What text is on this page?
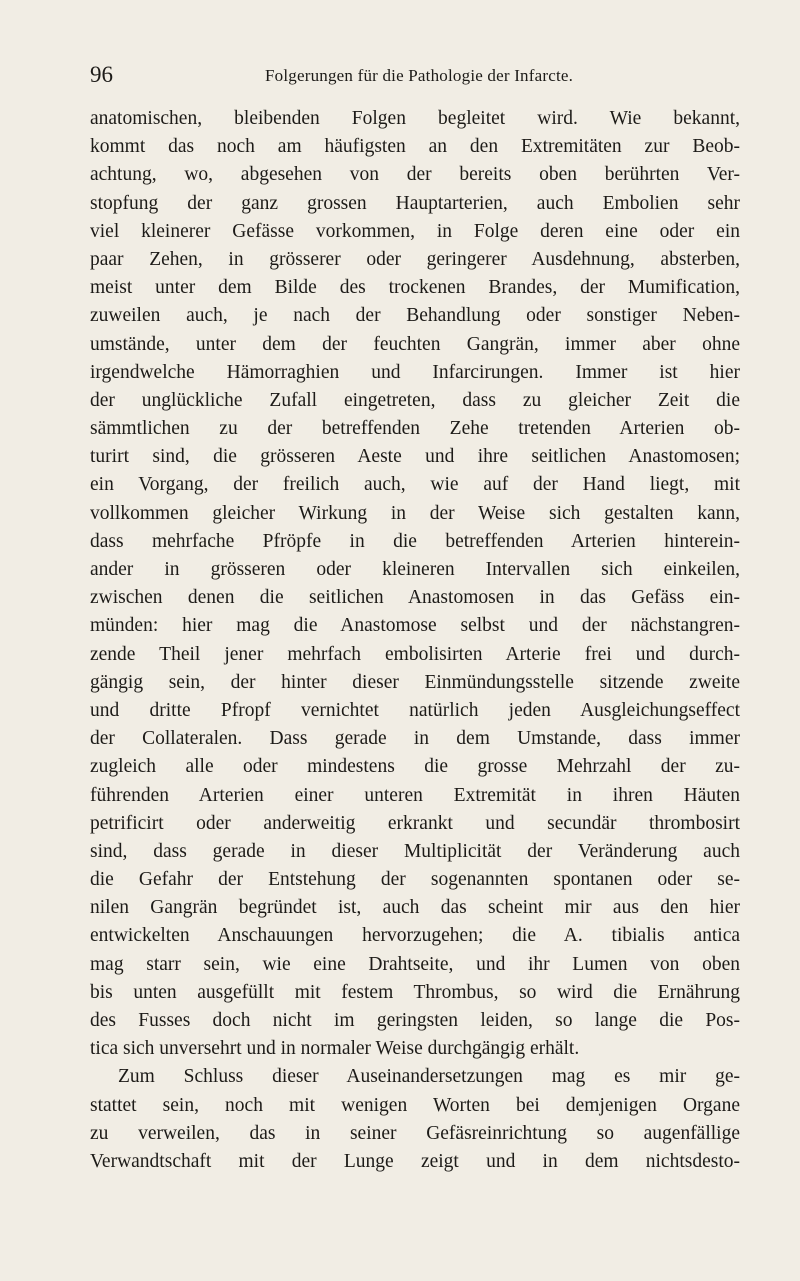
96	Folgerungen für die Pathologie der Infarcte.
anatomischen, bleibenden Folgen begleitet wird. Wie bekannt,
kommt das noch am häufigsten an den Extremitäten zur Beob-
achtung, wo, abgesehen von der bereits oben berührten Ver-
stopfung der ganz grossen Hauptarterien, auch Embolien sehr
viel kleinerer Gefässe vorkommen, in Folge deren eine oder ein
paar Zehen, in grösserer oder geringerer Ausdehnung, absterben,
meist unter dem Bilde des trockenen Brandes, der Mumification,
zuweilen auch, je nach der Behandlung oder sonstiger Neben-
umstände, unter dem der feuchten Gangrän, immer aber ohne
irgendwelche Hämorraghien und Infarcirungen. Immer ist hier
der unglückliche Zufall eingetreten, dass zu gleicher Zeit die
sämmtlichen zu der betreffenden Zehe tretenden Arterien ob-
turirt sind, die grösseren Aeste und ihre seitlichen Anastomosen;
ein Vorgang, der freilich auch, wie auf der Hand liegt, mit
vollkommen gleicher Wirkung in der Weise sich gestalten kann,
dass mehrfache Pfröpfe in die betreffenden Arterien hinterein-
ander in grösseren oder kleineren Intervallen sich einkeilen,
zwischen denen die seitlichen Anastomosen in das Gefäss ein-
münden: hier mag die Anastomose selbst und der nächstangren-
zende Theil jener mehrfach embolisirten Arterie frei und durch-
gängig sein, der hinter dieser Einmündungsstelle sitzende zweite
und dritte Pfropf vernichtet natürlich jeden Ausgleichungseffect
der Collateralen. Dass gerade in dem Umstande, dass immer
zugleich alle oder mindestens die grosse Mehrzahl der zu-
führenden Arterien einer unteren Extremität in ihren Häuten
petrificirt oder anderweitig erkrankt und secundär thrombosirt
sind, dass gerade in dieser Multiplicität der Veränderung auch
die Gefahr der Entstehung der sogenannten spontanen oder se-
nilen Gangrän begründet ist, auch das scheint mir aus den hier
entwickelten Anschauungen hervorzugehen; die A. tibialis antica
mag starr sein, wie eine Drahtseite, und ihr Lumen von oben
bis unten ausgefüllt mit festem Thrombus, so wird die Ernährung
des Fusses doch nicht im geringsten leiden, so lange die Pos-
tica sich unversehrt und in normaler Weise durchgängig erhält.
Zum Schluss dieser Auseinandersetzungen mag es mir ge-
stattet sein, noch mit wenigen Worten bei demjenigen Organe
zu verweilen, das in seiner Gefäsreinrichtung so augenfällige
Verwandtschaft mit der Lunge zeigt und in dem nichtsdesto-
